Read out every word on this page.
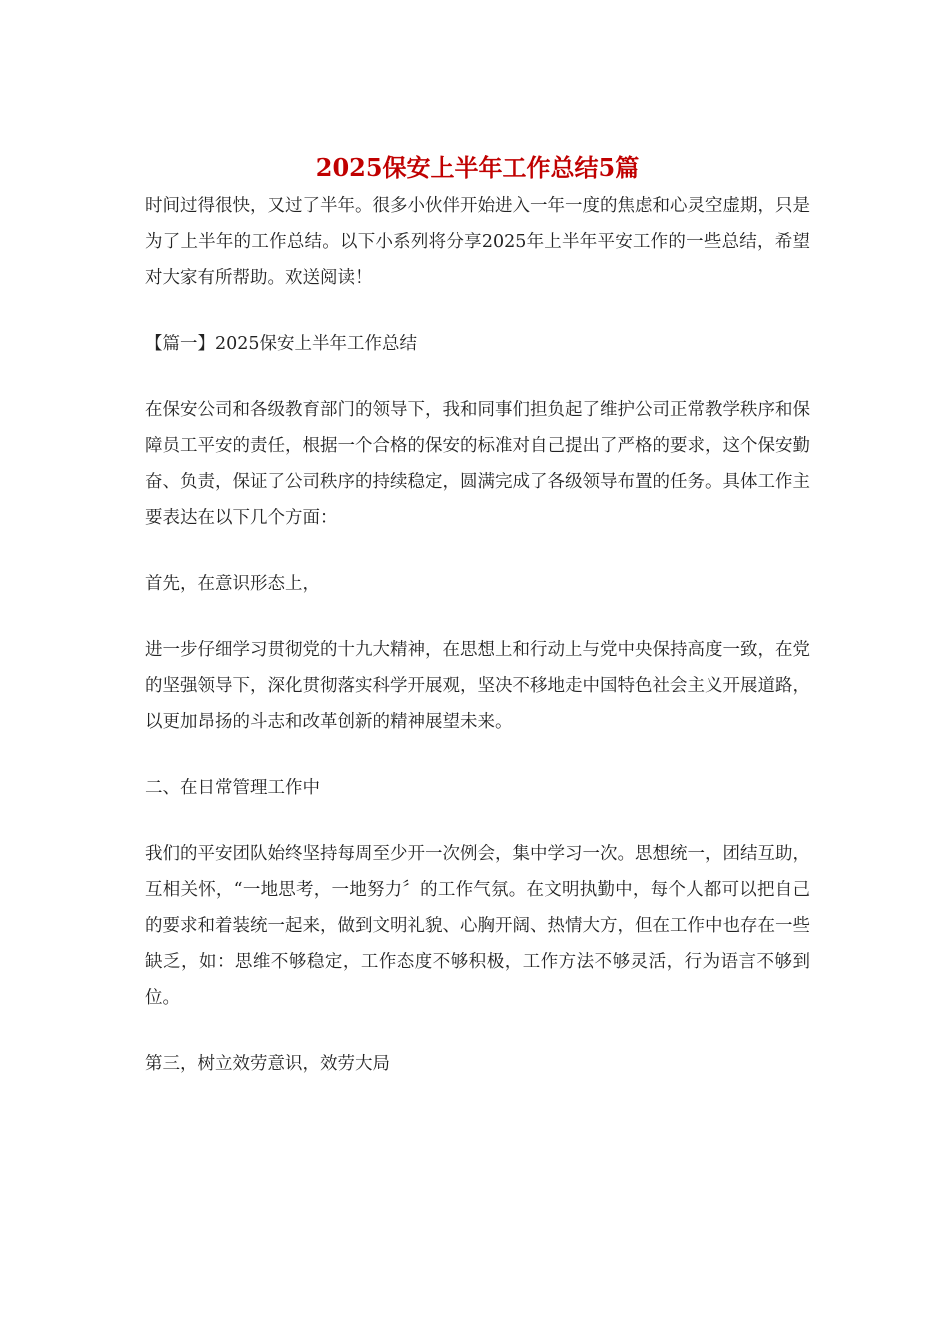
2025保安上半年工作总结5篇

时间过得很快，又过了半年。很多小伙伴开始进入一年一度的焦虑和心灵空虚期，只是为了上半年的工作总结。以下小系列将分享2025年上半年平安工作的一些总结，希望对大家有所帮助。欢送阅读！

【篇一】2025保安上半年工作总结

在保安公司和各级教育部门的领导下，我和同事们担负起了维护公司正常教学秩序和保障员工平安的责任，根据一个合格的保安的标准对自己提出了严格的要求，这个保安勤奋、负责，保证了公司秩序的持续稳定，圆满完成了各级领导布置的任务。具体工作主要表达在以下几个方面：

首先，在意识形态上，

进一步仔细学习贯彻党的十九大精神，在思想上和行动上与党中央保持高度一致，在党的坚强领导下，深化贯彻落实科学开展观，坚决不移地走中国特色社会主义开展道路，以更加昂扬的斗志和改革创新的精神展望未来。

二、在日常管理工作中

我们的平安团队始终坚持每周至少开一次例会，集中学习一次。思想统一，团结互助，互相关怀，“一地思考，一地努力〞的工作气氛。在文明执勤中，每个人都可以把自己的要求和着装统一起来，做到文明礼貌、心胸开阔、热情大方，但在工作中也存在一些缺乏，如：思维不够稳定，工作态度不够积极，工作方法不够灵活，行为语言不够到位。

第三，树立效劳意识，效劳大局
